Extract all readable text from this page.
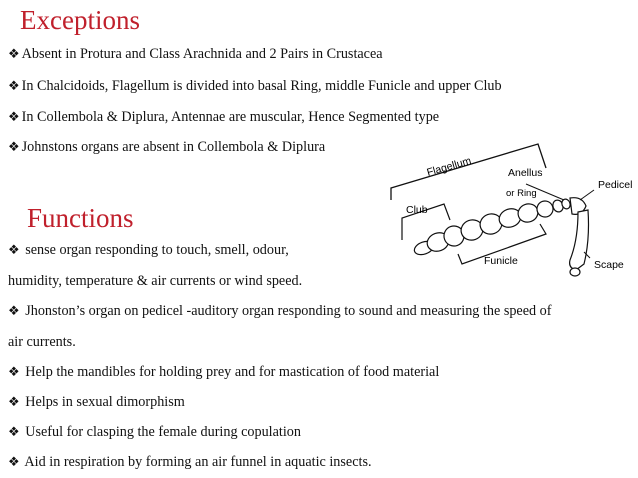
Exceptions
❖ Absent in Protura and Class Arachnida and 2 Pairs in Crustacea
❖ In Chalcidoids, Flagellum is divided into basal Ring, middle Funicle and upper Club
❖ In Collembola & Diplura, Antennae are muscular, Hence Segmented type
❖ Johnstons organs are absent in Collembola & Diplura
Flagellum	Anellus
or Ring
Pedicel
Club
Funicle	Scape
Functions
❖ sense organ responding to touch, smell, odour,
humidity, temperature & air currents or wind speed.
❖ Jhonston’s organ on pedicel -auditory organ responding to sound and measuring the speed of
air currents.
❖ Help the mandibles for holding prey and for mastication of food material
❖ Helps in sexual dimorphism
❖ Useful for clasping the female during copulation
❖ Aid in respiration by forming an air funnel in aquatic insects.
